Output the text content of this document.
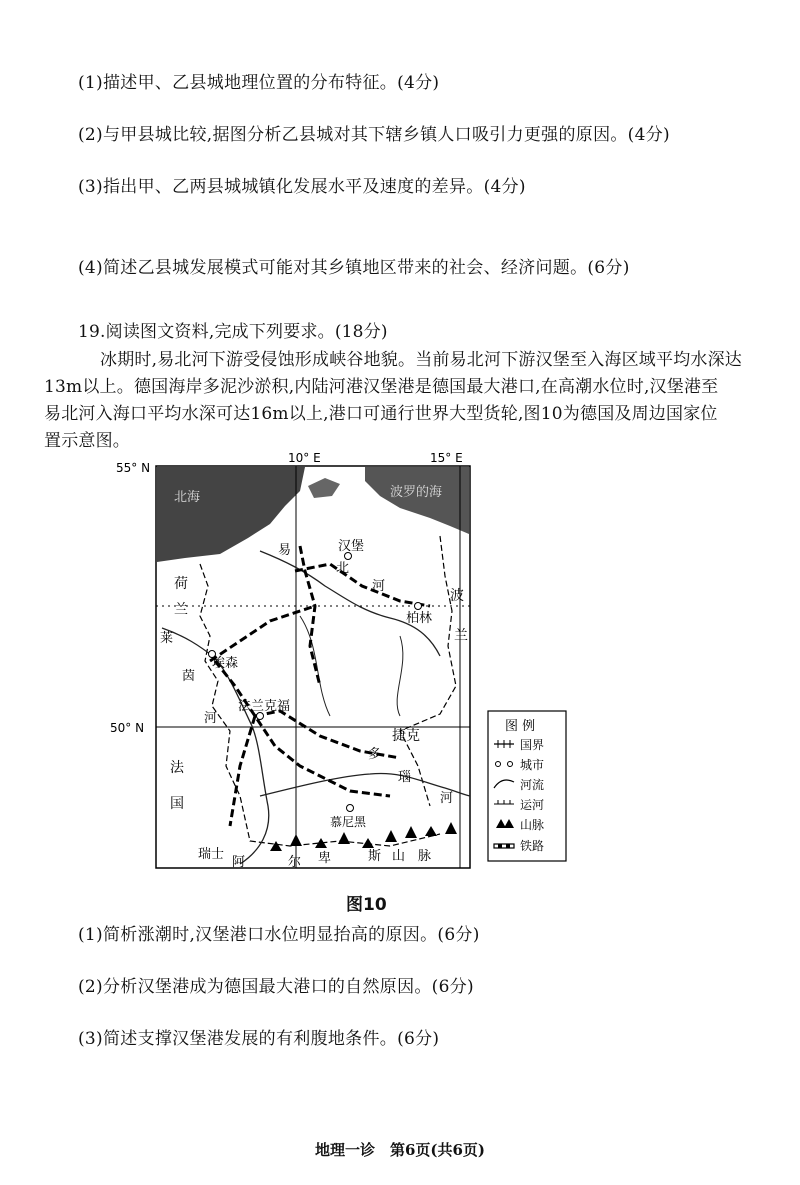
(1)描述甲、乙县城地理位置的分布特征。(4分)
(2)与甲县城比较,据图分析乙县城对其下辖乡镇人口吸引力更强的原因。(4分)
(3)指出甲、乙两县城城镇化发展水平及速度的差异。(4分)
(4)简述乙县城发展模式可能对其乡镇地区带来的社会、经济问题。(6分)
19.阅读图文资料,完成下列要求。(18分)
冰期时,易北河下游受侵蚀形成峡谷地貌。当前易北河下游汉堡至入海区域平均水深达
13m以上。德国海岸多泥沙淤积,内陆河港汉堡港是德国最大港口,在高潮水位时,汉堡港至
易北河入海口平均水深可达16m以上,港口可通行世界大型货轮,图10为德国及周边国家位
置示意图。
55° N
50° N
10° E	15° E
北海	波罗的海
汉堡
柏林
埃森
法兰克福
慕尼黑
荷
兰
波
兰
法
国
捷克
瑞士
易
北
河
莱
茵
河
多
瑙
河
阿	尔 卑	斯 山 脉
图 例
国界
城市
河流
运河
山脉
铁路
图10
(1)简析涨潮时,汉堡港口水位明显抬高的原因。(6分)
(2)分析汉堡港成为德国最大港口的自然原因。(6分)
(3)简述支撑汉堡港发展的有利腹地条件。(6分)
地理一诊　第6页(共6页)
